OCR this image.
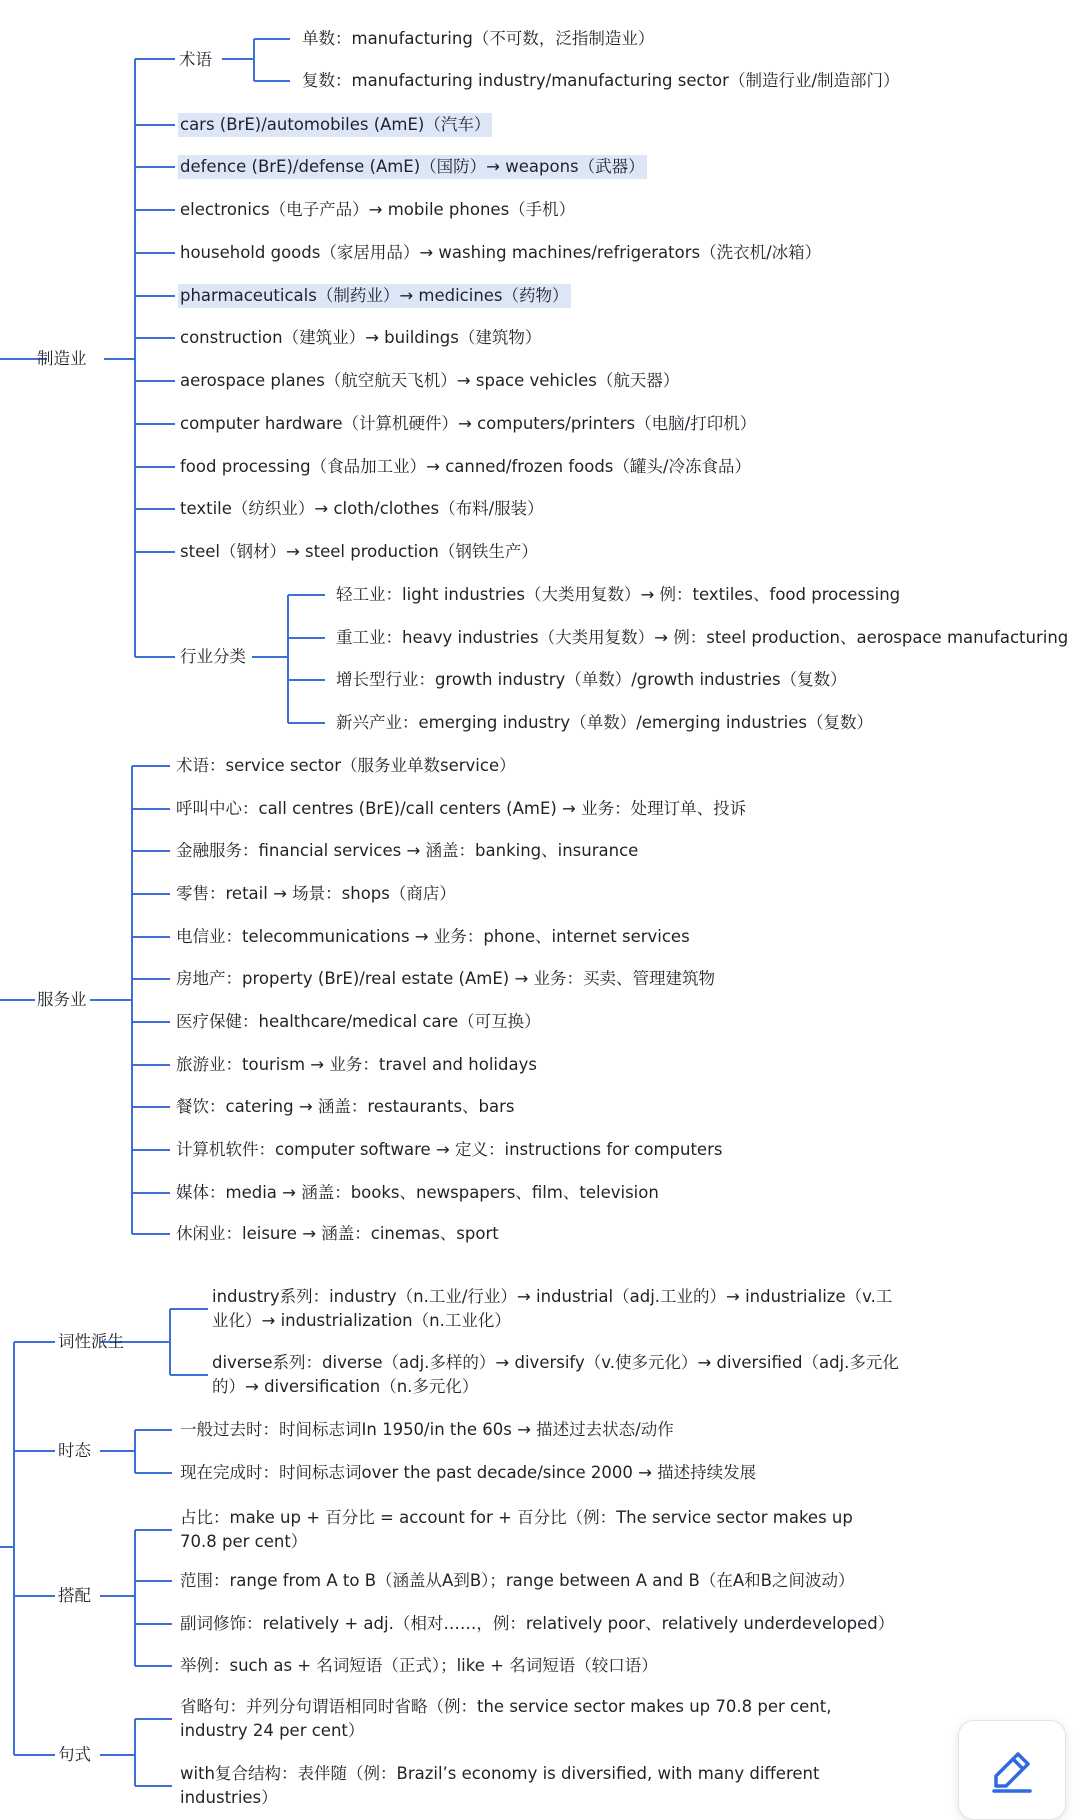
制造业
术语
单数：manufacturing（不可数，泛指制造业）
复数：manufacturing industry/manufacturing sector（制造行业/制造部门）
cars (BrE)/automobiles (AmE)（汽车）
defence (BrE)/defense (AmE)（国防）→ weapons（武器）
electronics（电子产品）→ mobile phones（手机）
household goods（家居用品）→ washing machines/refrigerators（洗衣机/冰箱）
pharmaceuticals（制药业）→ medicines（药物）
construction（建筑业）→ buildings（建筑物）
aerospace planes（航空航天飞机）→ space vehicles（航天器）
computer hardware（计算机硬件）→ computers/printers（电脑/打印机）
food processing（食品加工业）→ canned/frozen foods（罐头/冷冻食品）
textile（纺织业）→ cloth/clothes（布料/服装）
steel（钢材）→ steel production（钢铁生产）
行业分类
轻工业：light industries（大类用复数）→ 例：textiles、food processing
重工业：heavy industries（大类用复数）→ 例：steel production、aerospace manufacturing
增长型行业：growth industry（单数）/growth industries（复数）
新兴产业：emerging industry（单数）/emerging industries（复数）
服务业
术语：service sector（服务业单数service）
呼叫中心：call centres (BrE)/call centers (AmE) → 业务：处理订单、投诉
金融服务：financial services → 涵盖：banking、insurance
零售：retail → 场景：shops（商店）
电信业：telecommunications → 业务：phone、internet services
房地产：property (BrE)/real estate (AmE) → 业务：买卖、管理建筑物
医疗保健：healthcare/medical care（可互换）
旅游业：tourism → 业务：travel and holidays
餐饮：catering → 涵盖：restaurants、bars
计算机软件：computer software → 定义：instructions for computers
媒体：media → 涵盖：books、newspapers、film、television
休闲业：leisure → 涵盖：cinemas、sport
词性派生
industry系列：industry（n.工业/行业）→ industrial（adj.工业的）→ industrialize（v.工业化）→ industrialization（n.工业化）
diverse系列：diverse（adj.多样的）→ diversify（v.使多元化）→ diversified（adj.多元化的）→ diversification（n.多元化）
时态
一般过去时：时间标志词In 1950/in the 60s → 描述过去状态/动作
现在完成时：时间标志词over the past decade/since 2000 → 描述持续发展
搭配
占比：make up + 百分比 = account for + 百分比（例：The service sector makes up 70.8 per cent）
范围：range from A to B（涵盖从A到B）；range between A and B（在A和B之间波动）
副词修饰：relatively + adj.（相对……，例：relatively poor、relatively underdeveloped）
举例：such as + 名词短语（正式）；like + 名词短语（较口语）
句式
省略句：并列分句谓语相同时省略（例：the service sector makes up 70.8 per cent, industry 24 per cent）
with复合结构：表伴随（例：Brazil’s economy is diversified, with many different industries）
